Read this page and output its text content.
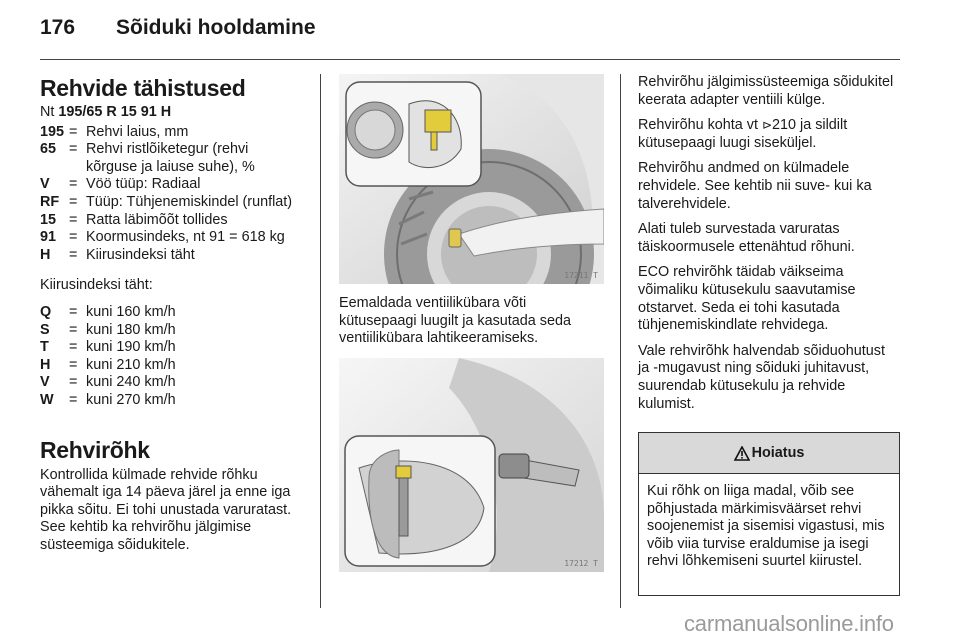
176 Sõiduki hooldamine
Rehvide tähistused

Nt 195/65 R 15 91 H

195 = Rehvi laius, mm
65 = Rehvi ristlõiketegur (rehvi kõrguse ja laiuse suhe), %
V	= Vöö tüüp: Radiaal
RF = Tüüp: Tühjenemiskindel (runflat)
15 = Ratta läbimõõt tollides
91 = Koormusindeks, nt 91 = 618 kg
H	= Kiirusindeksi täht

Kiirusindeksi täht:

Q	= kuni 160 km/h
S	= kuni 180 km/h
T	= kuni 190 km/h
H	= kuni 210 km/h
V	= kuni 240 km/h
W	= kuni 270 km/h
Rehvirõhk

Kontrollida külmade rehvide rõhku vähemalt iga 14 päeva järel ja enne iga pikka sõitu. Ei tohi unustada varuratast. See kehtib ka rehvirõhu jälgimise süsteemiga sõidukitele.

17211 T

Eemaldada ventiilikübara võti kütusepaagi luugilt ja kasutada seda ventiilikübara lahtikeeramiseks.

17212 T

Rehvirõhu jälgimissüsteemiga sõidukitel keerata adapter ventiili külge.

Rehvirõhu kohta vt ⊳210 ja sildilt kütusepaagi luugi siseküljel.

Rehvirõhu andmed on külmadele rehvidele. See kehtib nii suve- kui ka talverehvidele.

Alati tuleb survestada varuratas täiskoormusele ettenähtud rõhuni.

ECO rehvirõhk täidab väikseima võimaliku kütusekulu saavutamise otstarvet. Seda ei tohi kasutada tühjenemiskindlate rehvidega.

Vale rehvirõhk halvendab sõiduohutust ja -mugavust ning sõiduki juhitavust, suurendab kütusekulu ja rehvide kulumist.

Hoiatus
Kui rõhk on liiga madal, võib see põhjustada märkimisväärset rehvi soojenemist ja sisemisi vigastusi, mis võib viia turvise eraldumise ja isegi rehvi lõhkemiseni suurtel kiirustel.
carmanualsonline.info
